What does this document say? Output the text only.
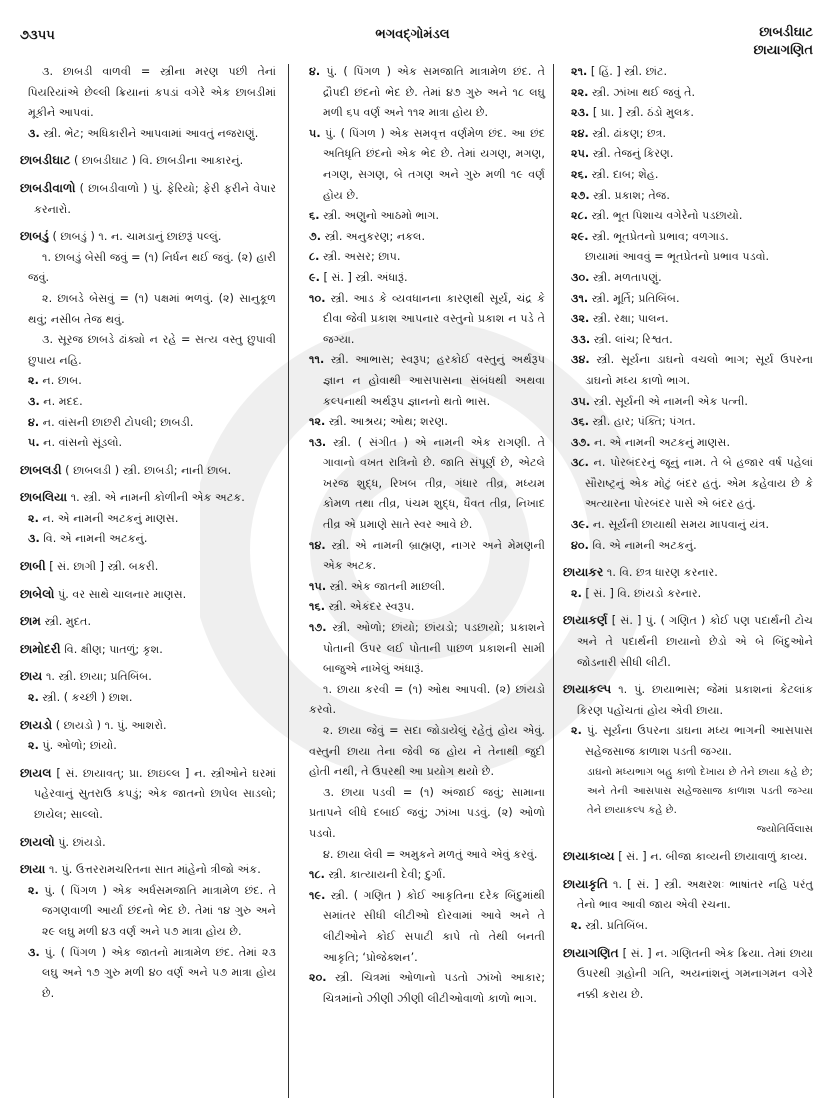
૭૩૫૫	ભગવદ્ગોમંડલ	છાબડીઘાટ
છાયાગણિત
૩. છાબડી વાળવી = સ્ત્રીના મરણ પછી તેનાં પિયરિયાંએ છેલ્લી ક્રિયાનાં કપડાં વગેરે એક છાબડીમાં મૂકીને આપવાં.
૩. સ્ત્રી. ભેટ; અધિકારીને આપવામાં આવતું નજરાણું.
છાબડીઘાટ ( છાબડીઘાટ ) વિ. છાબડીના આકારનું.
છાબડીવાળો ( છાબડીવાળો ) પું. ફેરિયો; ફેરી ફરીને વેપાર કરનારો.
છાબડું ( છાબડું ) ૧. ન. ચામડાનું છાછરૂં પલ્લું.
૧. છાબડું બેસી જવું = (૧) નિર્ધન થઈ જવું. (૨) હારી જવું.
૨. છાબડે બેસવું = (૧) પક્ષમાં ભળવું. (૨) સાનુકૂળ થવું; નસીબ તેજ થવું.
૩. સૂરજ છાબડે ઢાંક્યો ન રહે = સત્ય વસ્તુ છુપાવી છુપાય નહિ.
૨. ન. છાબ.
૩. ન. મદદ.
૪. ન. વાંસની છાછરી ટોપલી; છાબડી.
૫. ન. વાંસનો સૂંડલો.
છાબલડી ( છાબલડી ) સ્ત્રી. છાબડી; નાની છાબ.
છાબલિયા ૧. સ્ત્રી. એ નામની કોળીની એક અટક.
૨. ન. એ નામની અટકનું માણસ.
૩. વિ. એ નામની અટકનું.
છાબી [ સં. છાગી ] સ્ત્રી. બકરી.
છાબેલો પું. વર સાથે ચાલનાર માણસ.
છામ સ્ત્રી. મુદત.
છામોદરી વિ. ક્ષીણ; પાતળું; કૃશ.
છાય ૧. સ્ત્રી. છાયા; પ્રતિબિંબ.
૨. સ્ત્રી. ( કચ્છી ) છાશ.
છાયડો ( છાયડો ) ૧. પું. આશરો.
૨. પું. ઓળો; છાંયો.
છાયલ [ સં. છાયાવત્; પ્રા. છાઇલ્લ ] ન. સ્ત્રીઓને ઘરમાં પહેરવાનું સુતરાઉ કપડું; એક જાતનો છાપેલ સાડલો; છાયેલ; સાલ્લો.
છાયલો પું. છાંયડો.
છાયા ૧. પું. ઉત્તરરામચરિતના સાત માંહેનો ત્રીજો અંક.
૨. પું. ( પિંગળ ) એક અર્ધસમજાતિ માત્રામેળ છંદ. તે જગણવાળી આર્યા છંદનો ભેદ છે. તેમાં ૧૪ ગુરુ અને ૨૯ લઘુ મળી ૪૩ વર્ણ અને ૫૭ માત્રા હોય છે.
૩. પું. ( પિંગળ ) એક જાતનો માત્રામેળ છંદ. તેમાં ૨૩ લઘુ અને ૧૭ ગુરુ મળી ૪૦ વર્ણ અને ૫૭ માત્રા હોય છે.
૪. પું. ( પિંગળ ) એક સમજાતિ માત્રામેળ છંદ. તે દ્રૌપદી છંદનો ભેદ છે. તેમાં ૪૭ ગુરુ અને ૧૮ લઘુ મળી ૬૫ વર્ણ અને ૧૧૨ માત્રા હોય છે.
૫. પું. ( પિંગળ ) એક સમવૃત્ત વર્ણમેળ છંદ. આ છંદ અતિધૃતિ છંદનો એક ભેદ છે. તેમાં યગણ, મગણ, નગણ, સગણ, બે તગણ અને ગુરુ મળી ૧૯ વર્ણ હોય છે.
૬. સ્ત્રી. અણુનો આઠમો ભાગ.
૭. સ્ત્રી. અનુકરણ; નકલ.
૮. સ્ત્રી. અસર; છાપ.
૯. [ સં. ] સ્ત્રી. અંધારૂં.
૧૦. સ્ત્રી. આડ કે વ્યવધાનના કારણથી સૂર્ય, ચંદ્ર કે દીવા જેવી પ્રકાશ આપનાર વસ્તુનો પ્રકાશ ન પડે તે જગ્યા.
૧૧. સ્ત્રી. આભાસ; સ્વરૂપ; હરકોઈ વસ્તુનું અર્થરૂપ જ્ઞાન ન હોવાથી આસપાસના સંબંધથી અથવા કલ્પનાથી અર્થરૂપ જ્ઞાનનો થતો ભાસ.
૧૨. સ્ત્રી. આશ્રય; ઓથ; શરણ.
૧૩. સ્ત્રી. ( સંગીત ) એ નામની એક રાગણી. તે ગાવાનો વખત રાત્રિનો છે. જાતિ સંપૂર્ણ છે, એટલે ખરજ શુદ્ધ, રિખબ તીવ્ર, ગંધાર તીવ્ર, મધ્યમ કોમળ તથા તીવ્ર, પંચમ શુદ્ધ, ધૈવત તીવ્ર, નિખાદ તીવ્ર એ પ્રમાણે સાતે સ્વર આવે છે.
૧૪. સ્ત્રી. એ નામની બ્રાહ્મણ, નાગર અને મેમણની એક અટક.
૧૫. સ્ત્રી. એક જાતની માછલી.
૧૬. સ્ત્રી. એકંદર સ્વરૂપ.
૧૭. સ્ત્રી. ઓળો; છાંયો; છાંયડો; પડછાયો; પ્રકાશને પોતાની ઉપર લઈ પોતાની પાછળ પ્રકાશની સામી બાજુએ નાખેલું અંધારૂં.
૧. છાયા કરવી = (૧) ઓથ આપવી. (૨) છાંયડો કરવો.
૨. છાયા જેવું = સદા જોડાયેલું રહેતું હોય એવું. વસ્તુની છાયા તેના જેવી જ હોય ને તેનાથી જુદી હોતી નથી, તે ઉપરથી આ પ્રયોગ થયો છે.
૩. છાયા પડવી = (૧) અંજાઈ જવું; સામાના પ્રતાપને લીધે દબાઈ જવું; ઝાંખા પડવું. (૨) ઓળો પડવો.
૪. છાયા લેવી = અમુકને મળતું આવે એવું કરવું.
૧૮. સ્ત્રી. કાત્યાયની દેવી; દુર્ગા.
૧૯. સ્ત્રી. ( ગણિત ) કોઈ આકૃતિના દરેક બિંદુમાંથી સમાંતર સીધી લીટીઓ દોરવામાં આવે અને તે લીટીઓને કોઈ સપાટી કાપે તો તેથી બનતી આકૃતિ; ‘પ્રોજેક્શન’.
૨૦. સ્ત્રી. ચિત્રમાં ઓળાનો પડતો ઝાંખો આકાર; ચિત્રમાંનો ઝીણી ઝીણી લીટીઓવાળો કાળો ભાગ.
૨૧. [ હિં. ] સ્ત્રી. છાંટ.
૨૨. સ્ત્રી. ઝાંખા થઈ જવું તે.
૨૩. [ પ્રા. ] સ્ત્રી. ઠંડો મુલક.
૨૪. સ્ત્રી. ઢાંકણ; છત્ર.
૨૫. સ્ત્રી. તેજનું કિરણ.
૨૬. સ્ત્રી. દાબ; શેહ.
૨૭. સ્ત્રી. પ્રકાશ; તેજ.
૨૮. સ્ત્રી. ભૂત પિશાચ વગેરેનો પડછાયો.
૨૯. સ્ત્રી. ભૂતપ્રેતનો પ્રભાવ; વળગાડ.
છાયામાં આવવું = ભૂતપ્રેતનો પ્રભાવ પડવો.
૩૦. સ્ત્રી. મળતાપણું.
૩૧. સ્ત્રી. મૂર્તિ; પ્રતિબિંબ.
૩૨. સ્ત્રી. રક્ષા; પાલન.
૩૩. સ્ત્રી. લાંચ; રિશ્વત.
૩૪. સ્ત્રી. સૂર્યના ડાઘનો વચલો ભાગ; સૂર્ય ઉપરના ડાઘનો મધ્ય કાળો ભાગ.
૩૫. સ્ત્રી. સૂર્યની એ નામની એક પત્ની.
૩૬. સ્ત્રી. હાર; પંક્તિ; પંગત.
૩૭. ન. એ નામની અટકનું માણસ.
૩૮. ન. પોરબંદરનું જૂનું નામ. તે બે હજાર વર્ષ પહેલાં સૌરાષ્ટ્રનું એક મોટું બંદર હતું. એમ કહેવાય છે કે અત્યારના પોરબંદર પાસે એ બંદર હતું.
૩૯. ન. સૂર્યની છાયાથી સમય માપવાનું યંત્ર.
૪૦. વિ. એ નામની અટકનું.
છાયાકર ૧. વિ. છત્ર ધારણ કરનાર.
૨. [ સં. ] વિ. છાંયડો કરનાર.
છાયાકર્ણ [ સં. ] પું. ( ગણિત ) કોઈ પણ પદાર્થની ટોચ અને તે પદાર્થની છાયાનો છેડો એ બે બિંદુઓને જોડનારી સીધી લીટી.
છાયાકલ્પ ૧. પું. છાયાભાસ; જેમાં પ્રકાશનાં કેટલાંક કિરણ પહોંચતાં હોય એવી છાયા.
૨. પું. સૂર્યના ઉપરના ડાઘના મધ્ય ભાગની આસપાસ સહેજસાજ કાળાશ પડતી જગ્યા.
ડાઘનો મધ્યભાગ બહુ કાળો દેખાય છે તેને છાયા કહે છે; અને તેની આસપાસ સહેજસાજ કાળાશ પડતી જગ્યા તેને છાયાકલ્પ કહે છે.
જ્યોતિર્વિલાસ
છાયાકાવ્ય [ સં. ] ન. બીજા કાવ્યની છાયાવાળું કાવ્ય.
છાયાકૃતિ ૧. [ સં. ] સ્ત્રી. અક્ષરશઃ ભાષાંતર નહિ પરંતુ તેનો ભાવ આવી જાય એવી રચના.
૨. સ્ત્રી. પ્રતિબિંબ.
છાયાગણિત [ સં. ] ન. ગણિતની એક ક્રિયા. તેમાં છાયા ઉપરથી ગ્રહોની ગતિ, અયનાંશનું ગમનાગમન વગેરે નક્કી કરાય છે.
